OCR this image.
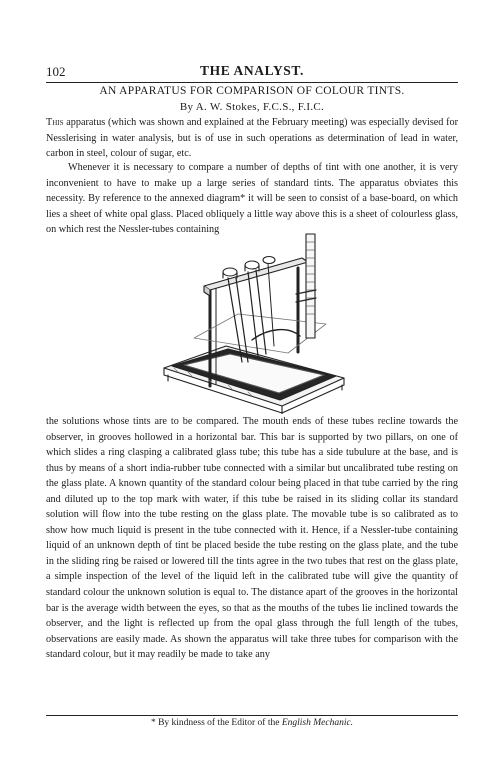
102	THE ANALYST.
AN APPARATUS FOR COMPARISON OF COLOUR TINTS.
By A. W. Stokes, F.C.S., F.I.C.

This apparatus (which was shown and explained at the February meeting) was especially devised for Nesslerising in water analysis, but is of use in such operations as determination of lead in water, carbon in steel, colour of sugar, etc.

Whenever it is necessary to compare a number of depths of tint with one another, it is very inconvenient to have to make up a large series of standard tints. The apparatus obviates this necessity. By reference to the annexed diagram* it will be seen to consist of a base-board, on which lies a sheet of white opal glass. Placed obliquely a little way above this is a sheet of colourless glass, on which rest the Nessler-tubes containing

the solutions whose tints are to be compared. The mouth ends of these tubes recline towards the observer, in grooves hollowed in a horizontal bar. This bar is supported by two pillars, on one of which slides a ring clasping a calibrated glass tube; this tube has a side tubulure at the base, and is thus by means of a short india-rubber tube connected with a similar but uncalibrated tube resting on the glass plate. A known quantity of the standard colour being placed in that tube carried by the ring and diluted up to the top mark with water, if this tube be raised in its sliding collar its standard solution will flow into the tube resting on the glass plate. The movable tube is so calibrated as to show how much liquid is present in the tube connected with it. Hence, if a Nessler-tube containing liquid of an unknown depth of tint be placed beside the tube resting on the glass plate, and the tube in the sliding ring be raised or lowered till the tints agree in the two tubes that rest on the glass plate, a simple inspection of the level of the liquid left in the calibrated tube will give the quantity of standard colour the unknown solution is equal to. The distance apart of the grooves in the horizontal bar is the average width between the eyes, so that as the mouths of the tubes lie inclined towards the observer, and the light is reflected up from the opal glass through the full length of the tubes, observations are easily made. As shown the apparatus will take three tubes for comparison with the standard colour, but it may readily be made to take any

* By kindness of the Editor of the English Mechanic.
